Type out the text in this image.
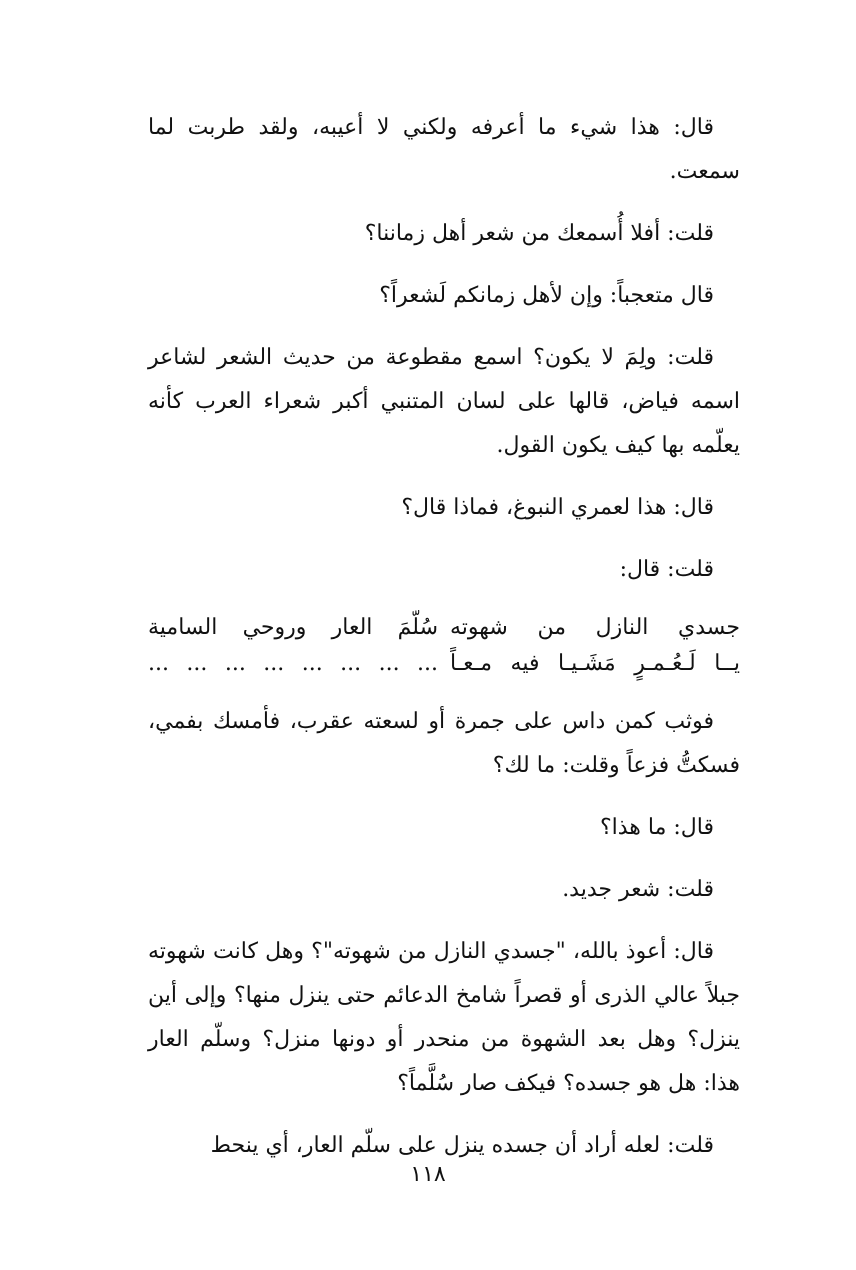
قال: هذا شيء ما أعرفه ولكني لا أعيبه، ولقد طربت لما سمعت.

قلت: أفلا أُسمعك من شعر أهل زماننا؟

قال متعجباً: وإن لأهل زمانكم لَشعراً؟

قلت: ولِمَ لا يكون؟ اسمع مقطوعة من حديث الشعر لشاعر اسمه فياض، قالها على لسان المتنبي أكبر شعراء العرب كأنه يعلّمه بها كيف يكون القول.

قال: هذا لعمري النبوغ، فماذا قال؟

قلت: قال:

جسدي النازل من شهوته
سُلَّمَ العار وروحي السامية
يــا لَـعُـمـرٍ مَشَـيـا فيه مـعـاً
... ... ... ... ... ... ... ...

فوثب كمن داس على جمرة أو لسعته عقرب، فأمسك بفمي، فسكتُّ فزعاً وقلت: ما لك؟

قال: ما هذا؟

قلت: شعر جديد.

قال: أعوذ بالله، "جسدي النازل من شهوته"؟ وهل كانت شهوته جبلاً عالي الذرى أو قصراً شامخ الدعائم حتى ينزل منها؟ وإلى أين ينزل؟ وهل بعد الشهوة من منحدر أو دونها منزل؟ وسلّم العار هذا: هل هو جسده؟ فيكف صار سُلَّماً؟

قلت: لعله أراد أن جسده ينزل على سلّم العار، أي ينحط

١١٨
